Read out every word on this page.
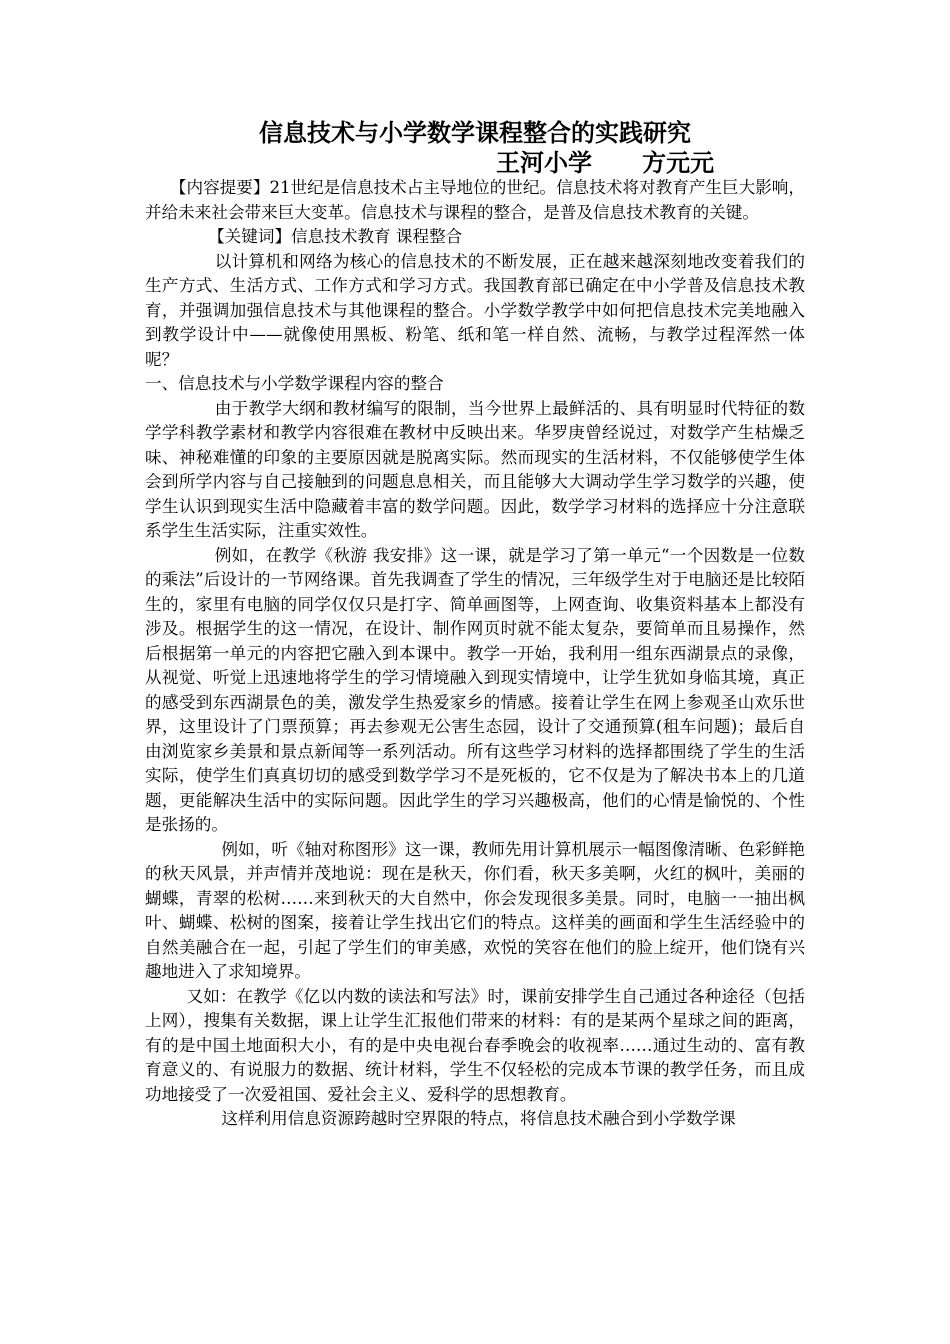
信息技术与小学数学课程整合的实践研究
王河小学      方元元

【内容提要】21世纪是信息技术占主导地位的世纪。信息技术将对教育产生巨大影响，并给未来社会带来巨大变革。信息技术与课程的整合，是普及信息技术教育的关键。

【关键词】信息技术教育 课程整合

以计算机和网络为核心的信息技术的不断发展，正在越来越深刻地改变着我们的生产方式、生活方式、工作方式和学习方式。我国教育部已确定在中小学普及信息技术教育，并强调加强信息技术与其他课程的整合。小学数学教学中如何把信息技术完美地融入到教学设计中——就像使用黑板、粉笔、纸和笔一样自然、流畅，与教学过程浑然一体呢？

一、信息技术与小学数学课程内容的整合

由于教学大纲和教材编写的限制，当今世界上最鲜活的、具有明显时代特征的数学学科教学素材和教学内容很难在教材中反映出来。华罗庚曾经说过，对数学产生枯燥乏味、神秘难懂的印象的主要原因就是脱离实际。然而现实的生活材料，不仅能够使学生体会到所学内容与自己接触到的问题息息相关，而且能够大大调动学生学习数学的兴趣，使学生认识到现实生活中隐藏着丰富的数学问题。因此，数学学习材料的选择应十分注意联系学生生活实际，注重实效性。

例如，在教学《秋游 我安排》这一课，就是学习了第一单元“一个因数是一位数的乘法”后设计的一节网络课。首先我调查了学生的情况，三年级学生对于电脑还是比较陌生的，家里有电脑的同学仅仅只是打字、简单画图等，上网查询、收集资料基本上都没有涉及。根据学生的这一情况，在设计、制作网页时就不能太复杂，要简单而且易操作，然后根据第一单元的内容把它融入到本课中。教学一开始，我利用一组东西湖景点的录像，从视觉、听觉上迅速地将学生的学习情境融入到现实情境中，让学生犹如身临其境，真正的感受到东西湖景色的美，激发学生热爱家乡的情感。接着让学生在网上参观圣山欢乐世界，这里设计了门票预算；再去参观无公害生态园，设计了交通预算(租车问题)；最后自由浏览家乡美景和景点新闻等一系列活动。所有这些学习材料的选择都围绕了学生的生活实际，使学生们真真切切的感受到数学学习不是死板的，它不仅是为了解决书本上的几道题，更能解决生活中的实际问题。因此学生的学习兴趣极高，他们的心情是愉悦的、个性是张扬的。

例如，听《轴对称图形》这一课，教师先用计算机展示一幅图像清晰、色彩鲜艳的秋天风景，并声情并茂地说：现在是秋天，你们看，秋天多美啊，火红的枫叶，美丽的蝴蝶，青翠的松树……来到秋天的大自然中，你会发现很多美景。同时，电脑一一抽出枫叶、蝴蝶、松树的图案，接着让学生找出它们的特点。这样美的画面和学生生活经验中的自然美融合在一起，引起了学生们的审美感，欢悦的笑容在他们的脸上绽开，他们饶有兴趣地进入了求知境界。

又如：在教学《亿以内数的读法和写法》时，课前安排学生自己通过各种途径（包括上网），搜集有关数据，课上让学生汇报他们带来的材料：有的是某两个星球之间的距离，有的是中国土地面积大小，有的是中央电视台春季晚会的收视率……通过生动的、富有教育意义的、有说服力的数据、统计材料，学生不仅轻松的完成本节课的教学任务，而且成功地接受了一次爱祖国、爱社会主义、爱科学的思想教育。

这样利用信息资源跨越时空界限的特点，将信息技术融合到小学数学课
